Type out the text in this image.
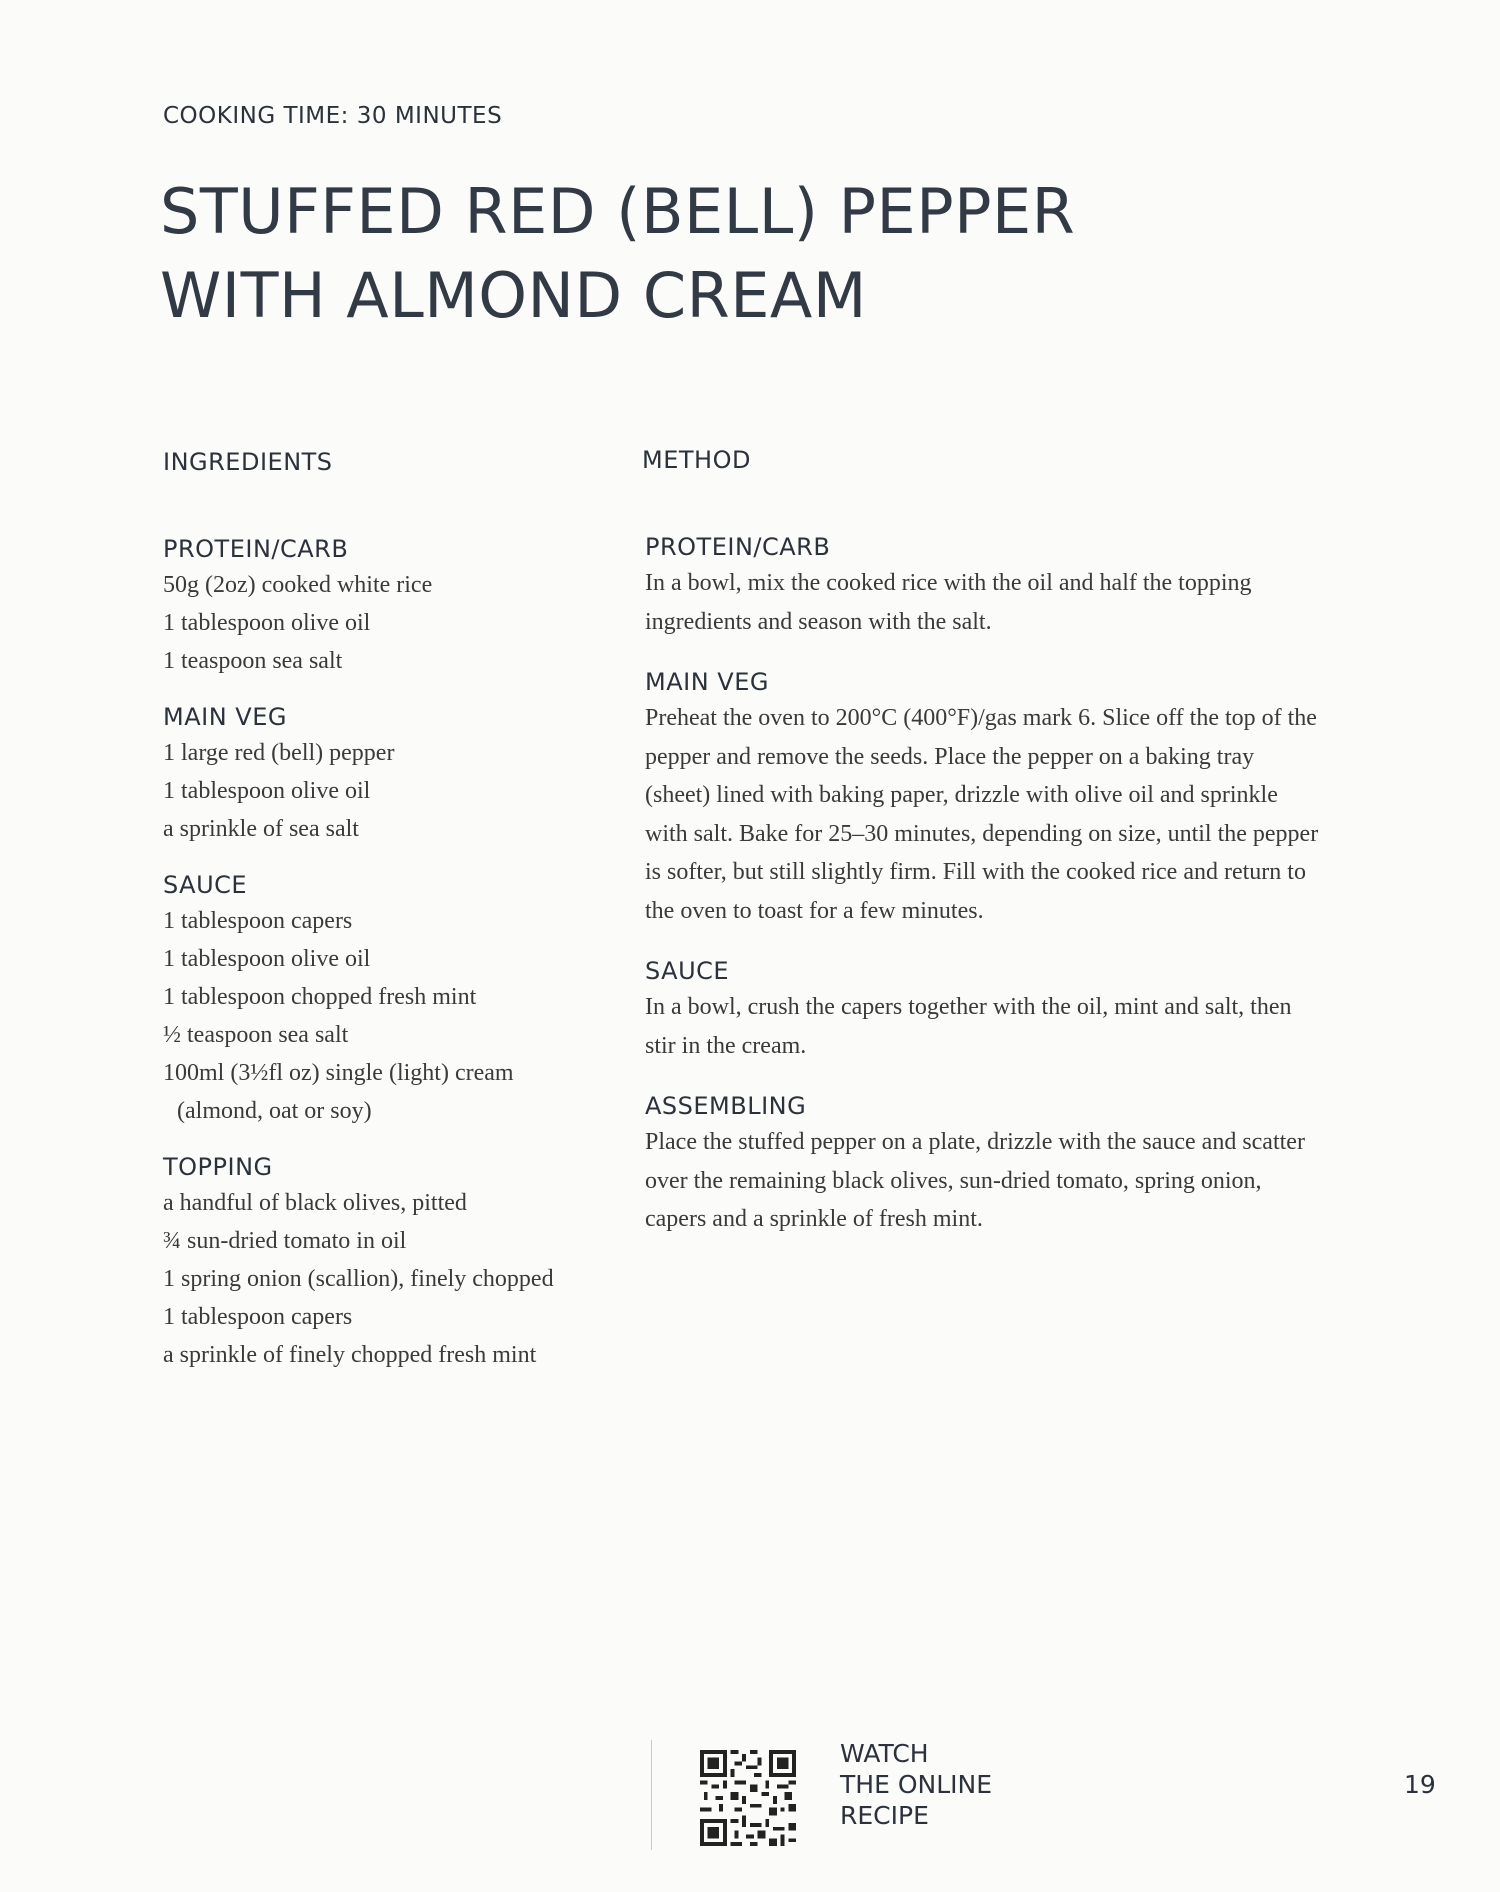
COOKING TIME: 30 MINUTES
STUFFED RED (BELL) PEPPER
WITH ALMOND CREAM
INGREDIENTS	METHOD
PROTEIN/CARB
50g (2oz) cooked white rice
1 tablespoon olive oil
1 teaspoon sea salt
MAIN VEG
1 large red (bell) pepper
1 tablespoon olive oil
a sprinkle of sea salt
SAUCE
1 tablespoon capers
1 tablespoon olive oil
1 tablespoon chopped fresh mint
½ teaspoon sea salt
100ml (3½fl oz) single (light) cream
(almond, oat or soy)
TOPPING
a handful of black olives, pitted
¾ sun-dried tomato in oil
1 spring onion (scallion), finely chopped
1 tablespoon capers
a sprinkle of finely chopped fresh mint
PROTEIN/CARB
In a bowl, mix the cooked rice with the oil and half the topping ingredients and season with the salt.
MAIN VEG
Preheat the oven to 200°C (400°F)/gas mark 6. Slice off the top of the pepper and remove the seeds. Place the pepper on a baking tray (sheet) lined with baking paper, drizzle with olive oil and sprinkle with salt. Bake for 25–30 minutes, depending on size, until the pepper is softer, but still slightly firm. Fill with the cooked rice and return to the oven to toast for a few minutes.
SAUCE
In a bowl, crush the capers together with the oil, mint and salt, then stir in the cream.
ASSEMBLING
Place the stuffed pepper on a plate, drizzle with the sauce and scatter over the remaining black olives, sun-dried tomato, spring onion, capers and a sprinkle of fresh mint.
WATCH
THE ONLINE
RECIPE
19
